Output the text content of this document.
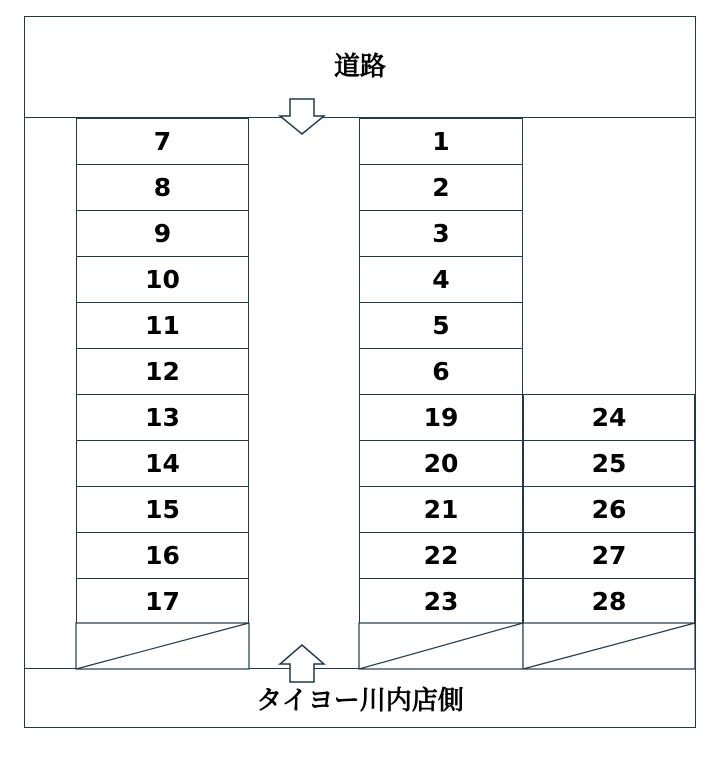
道路
タイヨー川内店側
7
8
9
10
11
12
13
14
15
16
17
1
2
3
4
5
6
19
20
21
22
23
24
25
26
27
28
